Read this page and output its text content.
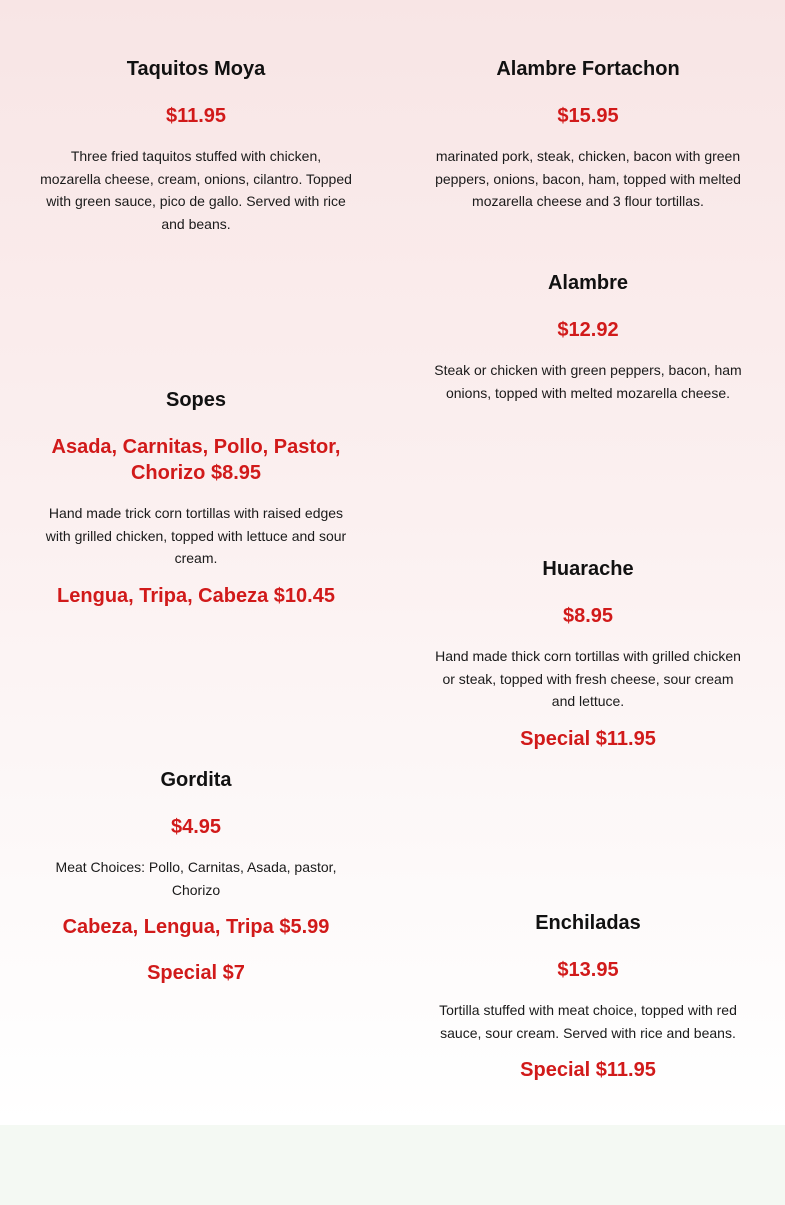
Taquitos Moya
$11.95
Three fried taquitos stuffed with chicken, mozarella cheese, cream, onions, cilantro. Topped with green sauce, pico de gallo. Served with rice and beans.
Alambre Fortachon
$15.95
marinated pork, steak, chicken, bacon with green peppers, onions, bacon, ham, topped with melted mozarella cheese and 3 flour tortillas.
Alambre
$12.92
Steak or chicken with green peppers, bacon, ham onions, topped with melted mozarella cheese.
Sopes
Asada, Carnitas, Pollo, Pastor, Chorizo $8.95
Hand made trick corn tortillas with raised edges with grilled chicken, topped with lettuce and sour cream.
Lengua, Tripa, Cabeza $10.45
Huarache
$8.95
Hand made thick corn tortillas with grilled chicken or steak, topped with fresh cheese, sour cream and lettuce.
Special $11.95
Gordita
$4.95
Meat Choices: Pollo, Carnitas, Asada, pastor, Chorizo
Cabeza, Lengua, Tripa $5.99
Special $7
Enchiladas
$13.95
Tortilla stuffed with meat choice, topped with red sauce, sour cream. Served with rice and beans.
Special $11.95
